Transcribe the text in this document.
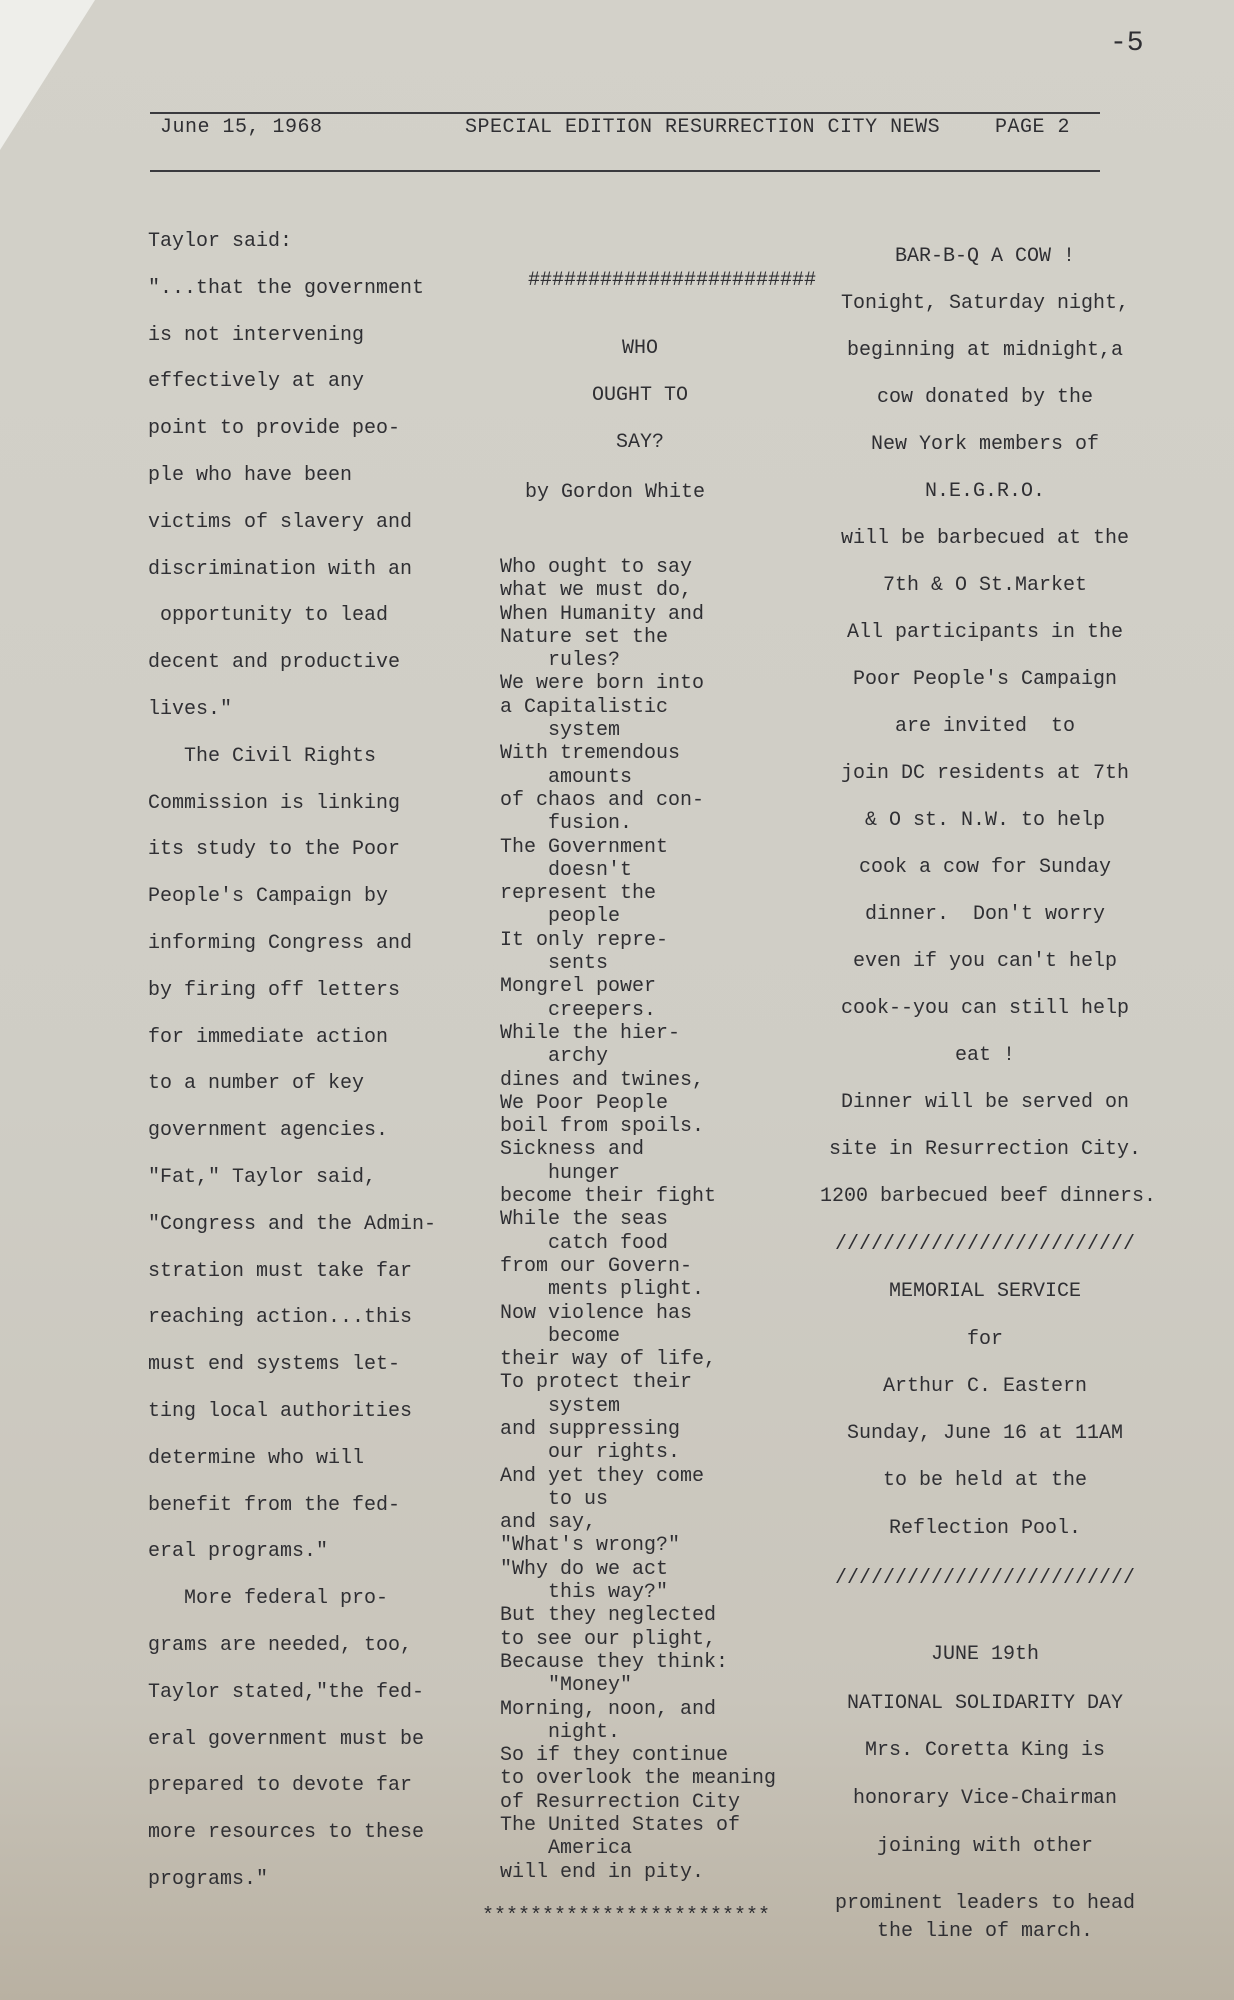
-5
June 15, 1968	SPECIAL EDITION RESURRECTION CITY NEWS	PAGE 2
Taylor said:
"...that the government
is not intervening
effectively at any
point to provide peo-
ple who have been
victims of slavery and
discrimination with an
opportunity to lead
decent and productive
lives."
The Civil Rights
Commission is linking
its study to the Poor
People's Campaign by
informing Congress and
by firing off letters
for immediate action
to a number of key
government agencies.
"Fat," Taylor said,
"Congress and the Admin-
stration must take far
reaching action...this
must end systems let-
ting local authorities
determine who will
benefit from the fed-
eral programs."
More federal pro-
grams are needed, too,
Taylor stated,"the fed-
eral government must be
prepared to devote far
more resources to these
programs."
########################
WHO
OUGHT TO
SAY?
by Gordon White
************************
Who ought to say
what we must do,
When Humanity and
Nature set the
rules?
We were born into
a Capitalistic
system
With tremendous
amounts
of chaos and con-
fusion.
The Government
doesn't
represent the
people
It only repre-
sents
Mongrel power
creepers.
While the hier-
archy
dines and twines,
We Poor People
boil from spoils.
Sickness and
hunger
become their fight
While the seas
catch food
from our Govern-
ments plight.
Now violence has
become
their way of life,
To protect their
system
and suppressing
our rights.
And yet they come
to us
and say,
"What's wrong?"
"Why do we act
this way?"
But they neglected
to see our plight,
Because they think:
"Money"
Morning, noon, and
night.
So if they continue
to overlook the meaning
of Resurrection City
The United States of
America
will end in pity.
BAR-B-Q A COW !
Tonight, Saturday night,
beginning at midnight,a
cow donated by the
New York members of
N.E.G.R.O.
will be barbecued at the
7th & O St.Market
All participants in the
Poor People's Campaign
are invited  to
join DC residents at 7th
& O st. N.W. to help
cook a cow for Sunday
dinner.  Don't worry
even if you can't help
cook--you can still help
eat !
Dinner will be served on
site in Resurrection City.
1200 barbecued beef dinners.
/////////////////////////
MEMORIAL SERVICE
for
Arthur C. Eastern
Sunday, June 16 at 11AM
to be held at the
Reflection Pool.
/////////////////////////
JUNE 19th
NATIONAL SOLIDARITY DAY
Mrs. Coretta King is
honorary Vice-Chairman
joining with other
prominent leaders to head
the line of march.
